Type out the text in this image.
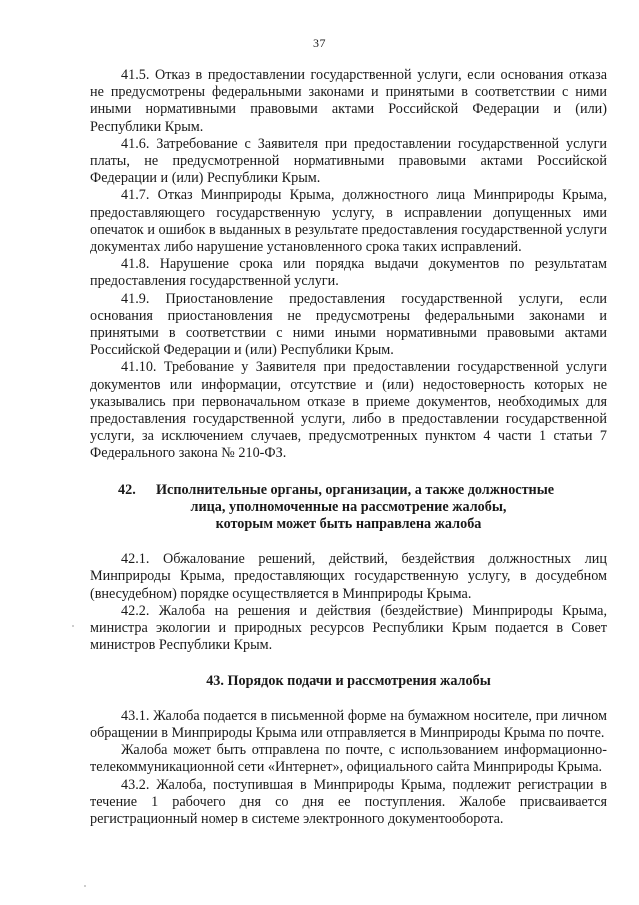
37

41.5. Отказ в предоставлении государственной услуги, если основания отказа не предусмотрены федеральными законами и принятыми в соответствии с ними иными нормативными правовыми актами Российской Федерации и (или) Республики Крым.

41.6. Затребование с Заявителя при предоставлении государственной услуги платы, не предусмотренной нормативными правовыми актами Российской Федерации и (или) Республики Крым.

41.7. Отказ Минприроды Крыма, должностного лица Минприроды Крыма, предоставляющего государственную услугу, в исправлении допущенных ими опечаток и ошибок в выданных в результате предоставления государственной услуги документах либо нарушение установленного срока таких исправлений.

41.8. Нарушение срока или порядка выдачи документов по результатам предоставления государственной услуги.

41.9. Приостановление предоставления государственной услуги, если основания приостановления не предусмотрены федеральными законами и принятыми в соответствии с ними иными нормативными правовыми актами Российской Федерации и (или) Республики Крым.

41.10. Требование у Заявителя при предоставлении государственной услуги документов или информации, отсутствие и (или) недостоверность которых не указывались при первоначальном отказе в приеме документов, необходимых для предоставления государственной услуги, либо в предоставлении государственной услуги, за исключением случаев, предусмотренных пунктом 4 части 1 статьи 7 Федерального закона № 210-ФЗ.

42. Исполнительные органы, организации, а также должностные
лица, уполномоченные на рассмотрение жалобы,
которым может быть направлена жалоба

42.1. Обжалование решений, действий, бездействия должностных лиц Минприроды Крыма, предоставляющих государственную услугу, в досудебном (внесудебном) порядке осуществляется в Минприроды Крыма.

42.2. Жалоба на решения и действия (бездействие) Минприроды Крыма, министра экологии и природных ресурсов Республики Крым подается в Совет министров Республики Крым.

43. Порядок подачи и рассмотрения жалобы

43.1. Жалоба подается в письменной форме на бумажном носителе, при личном обращении в Минприроды Крыма или отправляется в Минприроды Крыма по почте.

Жалоба может быть отправлена по почте, с использованием информационно-телекоммуникационной сети «Интернет», официального сайта Минприроды Крыма.

43.2. Жалоба, поступившая в Минприроды Крыма, подлежит регистрации в течение 1 рабочего дня со дня ее поступления. Жалобе присваивается регистрационный номер в системе электронного документооборота.
